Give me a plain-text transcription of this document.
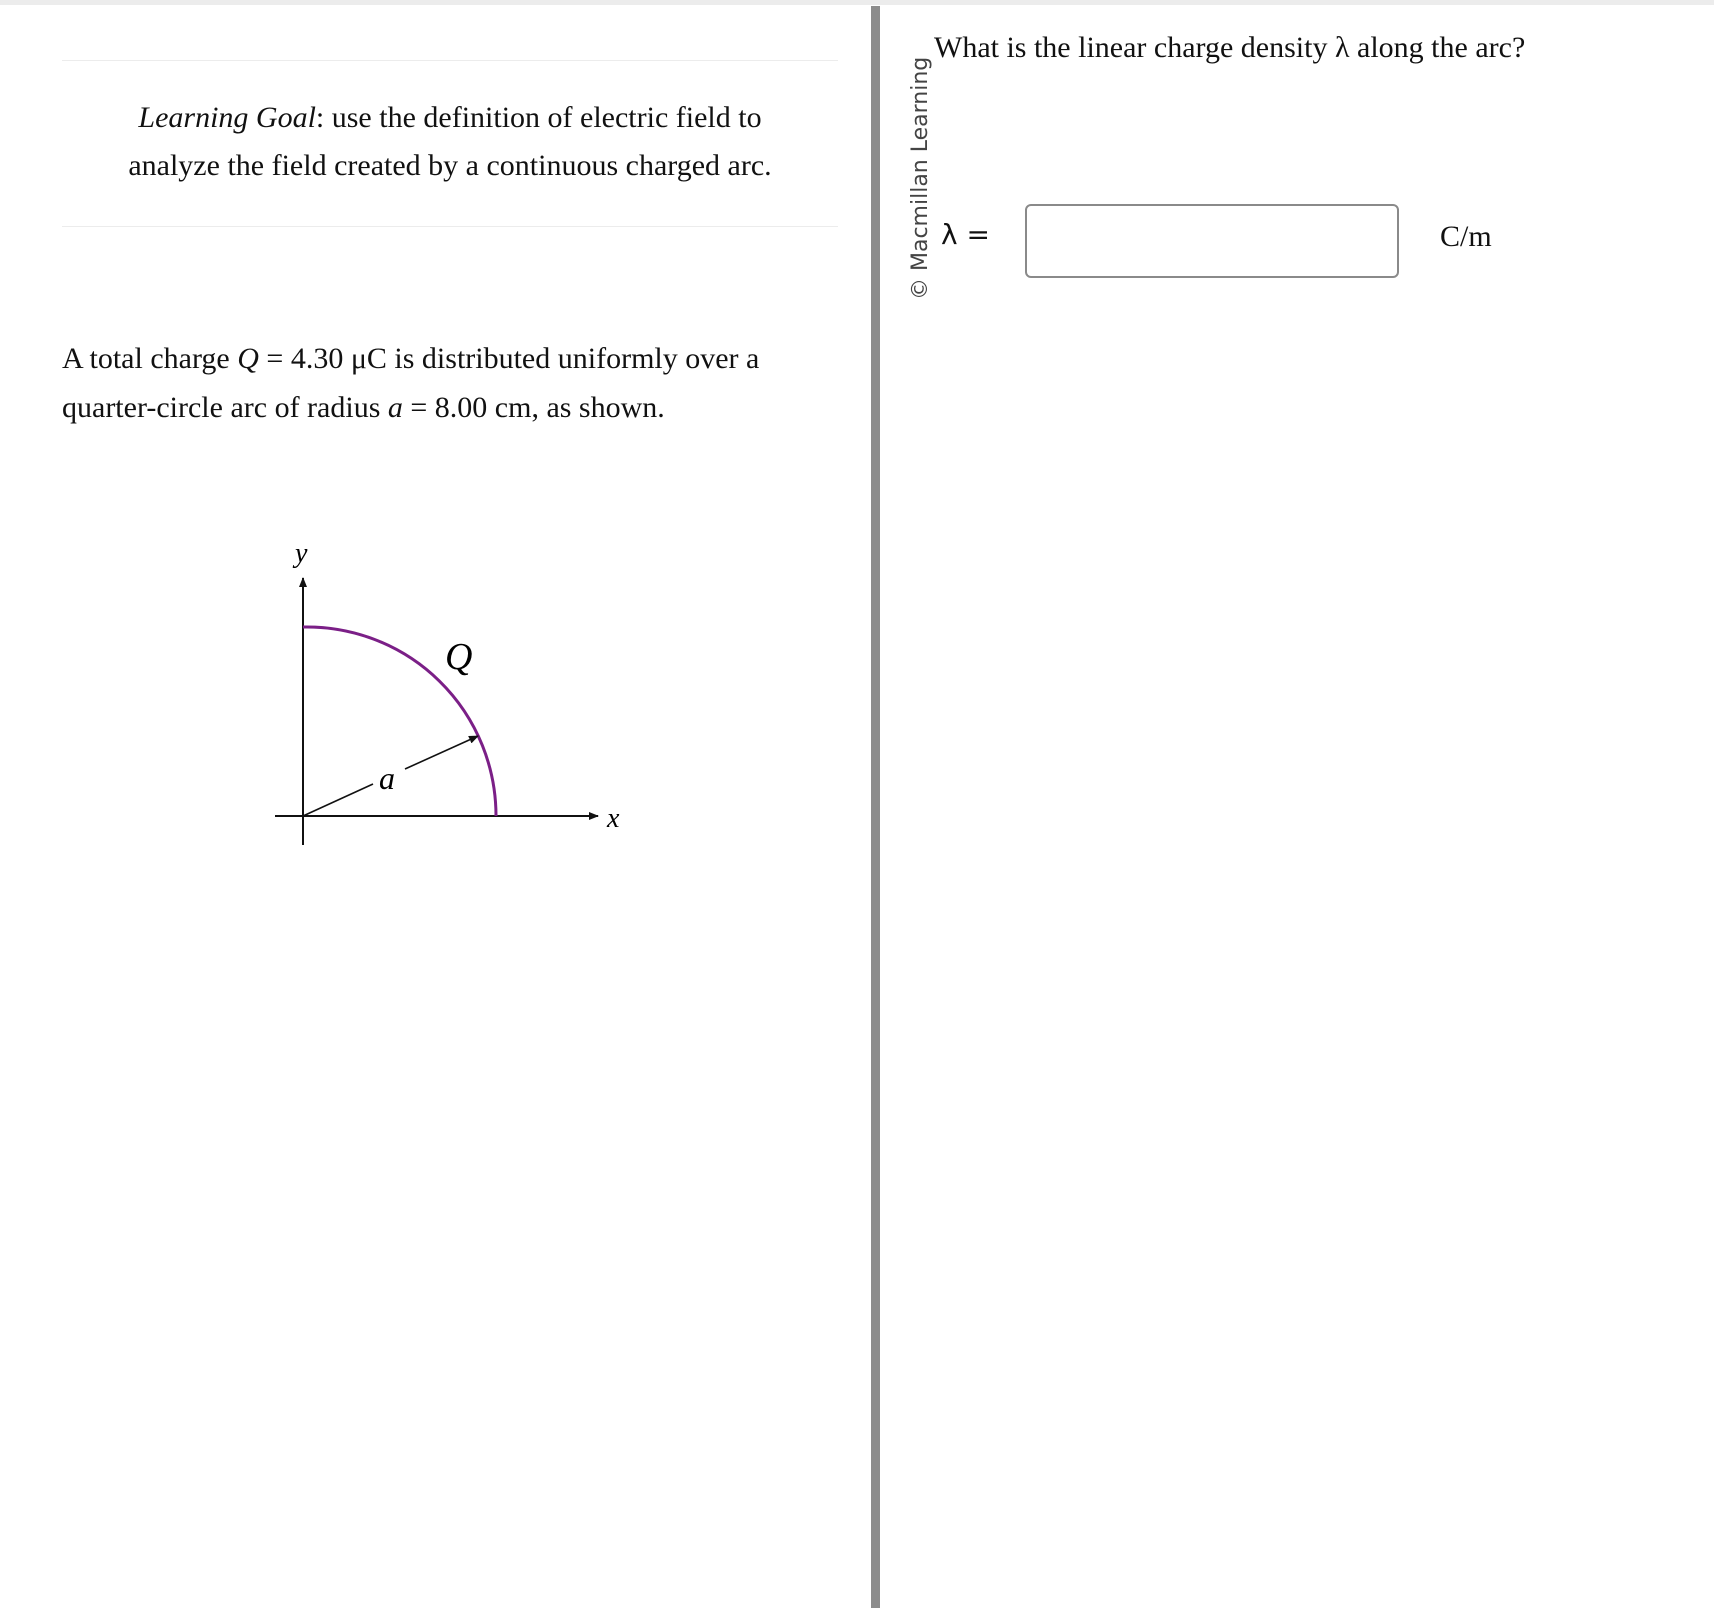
Learning Goal: use the definition of electric field to
analyze the field created by a continuous charged arc.
A total charge Q = 4.30 μC is distributed uniformly over a
quarter-circle arc of radius a = 8.00 cm, as shown.
y
x
Q
a
© Macmillan Learning
What is the linear charge density λ along the arc?
λ =	C/m
